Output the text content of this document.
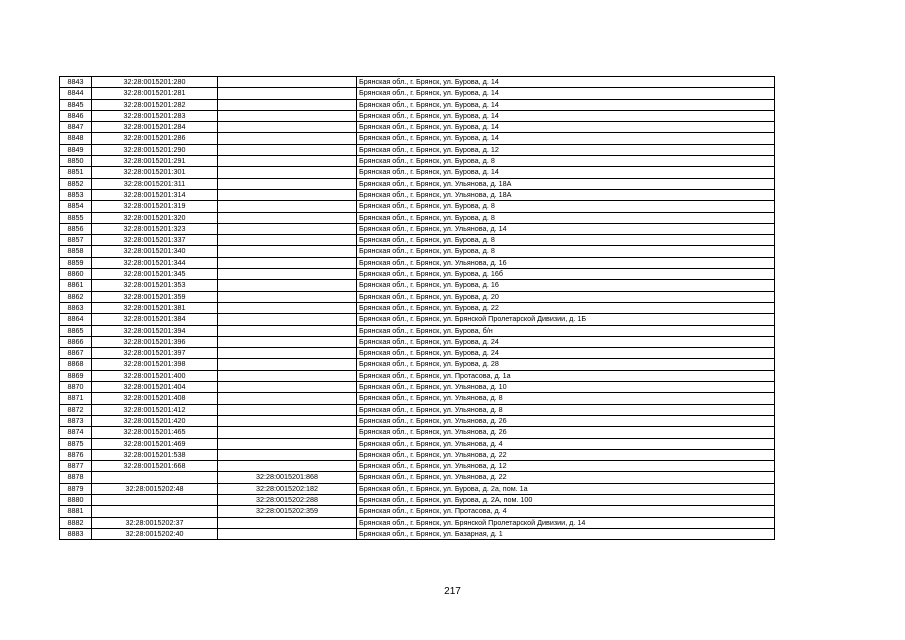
8843	32:28:0015201:280		Брянская обл., г. Брянск, ул. Бурова, д. 14
8844	32:28:0015201:281		Брянская обл., г. Брянск, ул. Бурова, д. 14
8845	32:28:0015201:282		Брянская обл., г. Брянск, ул. Бурова, д. 14
8846	32:28:0015201:283		Брянская обл., г. Брянск, ул. Бурова, д. 14
8847	32:28:0015201:284		Брянская обл., г. Брянск, ул. Бурова, д. 14
8848	32:28:0015201:286		Брянская обл., г. Брянск, ул. Бурова, д. 14
8849	32:28:0015201:290		Брянская обл., г. Брянск, ул. Бурова, д. 12
8850	32:28:0015201:291		Брянская обл., г. Брянск, ул. Бурова, д. 8
8851	32:28:0015201:301		Брянская обл., г. Брянск, ул. Бурова, д. 14
8852	32:28:0015201:311		Брянская обл., г. Брянск, ул. Ульянова, д. 18А
8853	32:28:0015201:314		Брянская обл., г. Брянск, ул. Ульянова, д. 18А
8854	32:28:0015201:319		Брянская обл., г. Брянск, ул. Бурова, д. 8
8855	32:28:0015201:320		Брянская обл., г. Брянск, ул. Бурова, д. 8
8856	32:28:0015201:323		Брянская обл., г. Брянск, ул. Ульянова, д. 14
8857	32:28:0015201:337		Брянская обл., г. Брянск, ул. Бурова, д. 8
8858	32:28:0015201:340		Брянская обл., г. Брянск, ул. Бурова, д. 8
8859	32:28:0015201:344		Брянская обл., г. Брянск, ул. Ульянова, д. 16
8860	32:28:0015201:345		Брянская обл., г. Брянск, ул. Бурова, д. 16б
8861	32:28:0015201:353		Брянская обл., г. Брянск, ул. Бурова, д. 16
8862	32:28:0015201:359		Брянская обл., г. Брянск, ул. Бурова, д. 20
8863	32:28:0015201:381		Брянская обл., г. Брянск, ул. Бурова, д. 22
8864	32:28:0015201:384		Брянская обл., г. Брянск, ул. Брянской Пролетарской Дивизии, д. 1Б
8865	32:28:0015201:394		Брянская обл., г. Брянск, ул. Бурова, б/н
8866	32:28:0015201:396		Брянская обл., г. Брянск, ул. Бурова, д. 24
8867	32:28:0015201:397		Брянская обл., г. Брянск, ул. Бурова, д. 24
8868	32:28:0015201:398		Брянская обл., г. Брянск, ул. Бурова, д. 28
8869	32:28:0015201:400		Брянская обл., г. Брянск, ул. Протасова, д. 1а
8870	32:28:0015201:404		Брянская обл., г. Брянск, ул. Ульянова, д. 10
8871	32:28:0015201:408		Брянская обл., г. Брянск, ул. Ульянова, д. 8
8872	32:28:0015201:412		Брянская обл., г. Брянск, ул. Ульянова, д. 8
8873	32:28:0015201:420		Брянская обл., г. Брянск, ул. Ульянова, д. 26
8874	32:28:0015201:465		Брянская обл., г. Брянск, ул. Ульянова, д. 26
8875	32:28:0015201:469		Брянская обл., г. Брянск, ул. Ульянова, д. 4
8876	32:28:0015201:538		Брянская обл., г. Брянск, ул. Ульянова, д. 22
8877	32:28:0015201:668		Брянская обл., г. Брянск, ул. Ульянова, д. 12
8878		32:28:0015201:868	Брянская обл., г. Брянск, ул. Ульянова, д. 22
8879	32:28:0015202:48	32:28:0015202:182	Брянская обл., г. Брянск, ул. Бурова, д. 2а, пом. 1а
8880		32:28:0015202:288	Брянская обл., г. Брянск, ул. Бурова, д. 2А, пом. 100
8881		32:28:0015202:359	Брянская обл., г. Брянск, ул. Протасова, д. 4
8882	32:28:0015202:37		Брянская обл., г. Брянск, ул. Брянской Пролетарской Дивизии, д. 14
8883	32:28:0015202:40		Брянская обл., г. Брянск, ул. Базарная, д. 1
217
